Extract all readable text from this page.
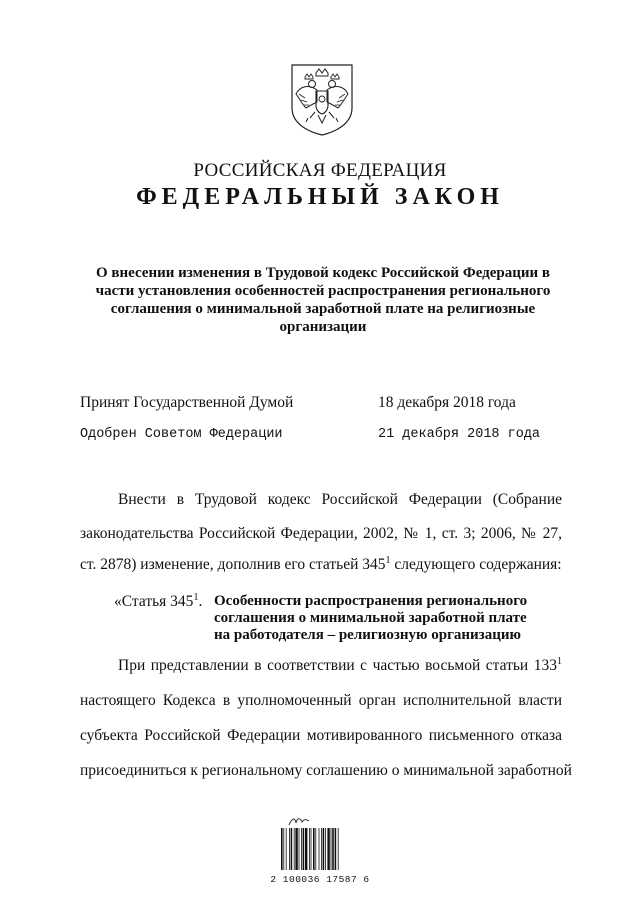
РОССИЙСКАЯ ФЕДЕРАЦИЯ
ФЕДЕРАЛЬНЫЙ ЗАКОН
О внесении изменения в Трудовой кодекс Российской Федерации в части установления особенностей распространения регионального соглашения о минимальной заработной плате на религиозные организации
Принят Государственной Думой	18 декабря 2018 года
Одобрен Советом Федерации	21 декабря 2018 года
Внести в Трудовой кодекс Российской Федерации (Собрание
законодательства Российской Федерации, 2002, № 1, ст. 3; 2006, № 27,
ст. 2878) изменение, дополнив его статьей $345^1$ следующего содержания:
«Статья $345^1$. Особенности распространения регионального соглашения о минимальной заработной плате на работодателя – религиозную организацию
При представлении в соответствии с частью восьмой статьи $133^1$
настоящего Кодекса в уполномоченный орган исполнительной власти
субъекта Российской Федерации мотивированного письменного отказа
присоединиться к региональному соглашению о минимальной заработной
2 100036 17587 6
